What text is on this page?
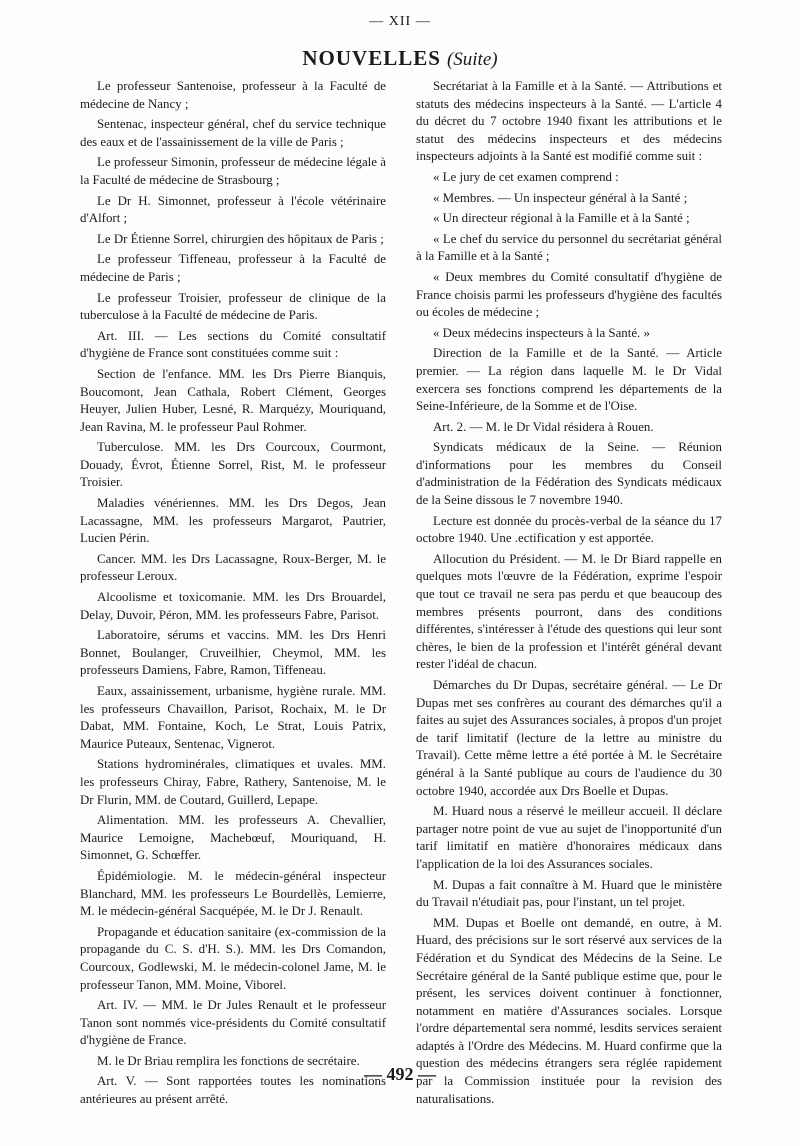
— XII —
NOUVELLES (Suite)

Le professeur Santenoise, professeur à la Faculté de médecine de Nancy ;

Sentenac, inspecteur général, chef du service technique des eaux et de l'assainissement de la ville de Paris ;

Le professeur Simonin, professeur de médecine légale à la Faculté de médecine de Strasbourg ;

Le Dr H. Simonnet, professeur à l'école vétérinaire d'Alfort ;

Le Dr Étienne Sorrel, chirurgien des hôpitaux de Paris ;

Le professeur Tiffeneau, professeur à la Faculté de médecine de Paris ;

Le professeur Troisier, professeur de clinique de la tuberculose à la Faculté de médecine de Paris.

Art. III. — Les sections du Comité consultatif d'hygiène de France sont constituées comme suit :

Section de l'enfance. MM. les Drs Pierre Bianquis, Boucomont, Jean Cathala, Robert Clément, Georges Heuyer, Julien Huber, Lesné, R. Marquézy, Mouriquand, Jean Ravina, M. le professeur Paul Rohmer.

Tuberculose. MM. les Drs Courcoux, Courmont, Douady, Évrot, Étienne Sorrel, Rist, M. le professeur Troisier.

Maladies vénériennes. MM. les Drs Degos, Jean Lacassagne, MM. les professeurs Margarot, Pautrier, Lucien Périn.

Cancer. MM. les Drs Lacassagne, Roux-Berger, M. le professeur Leroux.

Alcoolisme et toxicomanie. MM. les Drs Brouardel, Delay, Duvoir, Péron, MM. les professeurs Fabre, Parisot.

Laboratoire, sérums et vaccins. MM. les Drs Henri Bonnet, Boulanger, Cruveilhier, Cheymol, MM. les professeurs Damiens, Fabre, Ramon, Tiffeneau.

Eaux, assainissement, urbanisme, hygiène rurale. MM. les professeurs Chavaillon, Parisot, Rochaix, M. le Dr Dabat, MM. Fontaine, Koch, Le Strat, Louis Patrix, Maurice Puteaux, Sentenac, Vignerot.

Stations hydrominérales, climatiques et uvales. MM. les professeurs Chiray, Fabre, Rathery, Santenoise, M. le Dr Flurin, MM. de Coutard, Guillerd, Lepape.

Alimentation. MM. les professeurs A. Chevallier, Maurice Lemoigne, Machebœuf, Mouriquand, H. Simonnet, G. Schœffer.

Épidémiologie. M. le médecin-général inspecteur Blanchard, MM. les professeurs Le Bourdellès, Lemierre, M. le médecin-général Sacquépée, M. le Dr J. Renault.

Propagande et éducation sanitaire (ex-commission de la propagande du C. S. d'H. S.). MM. les Drs Comandon, Courcoux, Godlewski, M. le médecin-colonel Jame, M. le professeur Tanon, MM. Moine, Viborel.

Art. IV. — MM. le Dr Jules Renault et le professeur Tanon sont nommés vice-présidents du Comité consultatif d'hygiène de France.

M. le Dr Briau remplira les fonctions de secrétaire.

Art. V. — Sont rapportées toutes les nominations antérieures au présent arrêté.

Secrétariat à la Famille et à la Santé. — Attributions et statuts des médecins inspecteurs à la Santé. — L'article 4 du décret du 7 octobre 1940 fixant les attributions et le statut des médecins inspecteurs et des médecins inspecteurs adjoints à la Santé est modifié comme suit :

« Le jury de cet examen comprend :

« Membres. — Un inspecteur général à la Santé ;

« Un directeur régional à la Famille et à la Santé ;

« Le chef du service du personnel du secrétariat général à la Famille et à la Santé ;

« Deux membres du Comité consultatif d'hygiène de France choisis parmi les professeurs d'hygiène des facultés ou écoles de médecine ;

« Deux médecins inspecteurs à la Santé. »

Direction de la Famille et de la Santé. — Article premier. — La région dans laquelle M. le Dr Vidal exercera ses fonctions comprend les départements de la Seine-Inférieure, de la Somme et de l'Oise.

Art. 2. — M. le Dr Vidal résidera à Rouen.

Syndicats médicaux de la Seine. — Réunion d'informations pour les membres du Conseil d'administration de la Fédération des Syndicats médicaux de la Seine dissous le 7 novembre 1940.

Lecture est donnée du procès-verbal de la séance du 17 octobre 1940. Une .ectification y est apportée.

Allocution du Président. — M. le Dr Biard rappelle en quelques mots l'œuvre de la Fédération, exprime l'espoir que tout ce travail ne sera pas perdu et que beaucoup des membres présents pourront, dans des conditions différentes, s'intéresser à l'étude des questions qui leur sont chères, le bien de la profession et l'intérêt général devant rester l'idéal de chacun.

Démarches du Dr Dupas, secrétaire général. — Le Dr Dupas met ses confrères au courant des démarches qu'il a faites au sujet des Assurances sociales, à propos d'un projet de tarif limitatif (lecture de la lettre au ministre du Travail). Cette même lettre a été portée à M. le Secrétaire général à la Santé publique au cours de l'audience du 30 octobre 1940, accordée aux Drs Boelle et Dupas.

M. Huard nous a réservé le meilleur accueil. Il déclare partager notre point de vue au sujet de l'inopportunité d'un tarif limitatif en matière d'honoraires médicaux dans l'application de la loi des Assurances sociales.

M. Dupas a fait connaître à M. Huard que le ministère du Travail n'étudiait pas, pour l'instant, un tel projet.

MM. Dupas et Boelle ont demandé, en outre, à M. Huard, des précisions sur le sort réservé aux services de la Fédération et du Syndicat des Médecins de la Seine. Le Secrétaire général de la Santé publique estime que, pour le présent, les services doivent continuer à fonctionner, notamment en matière d'Assurances sociales. Lorsque l'ordre départemental sera nommé, lesdits services seraient adaptés à l'Ordre des Médecins. M. Huard confirme que la question des médecins étrangers sera réglée rapidement par la Commission instituée pour la revision des naturalisations.

— 492 —
